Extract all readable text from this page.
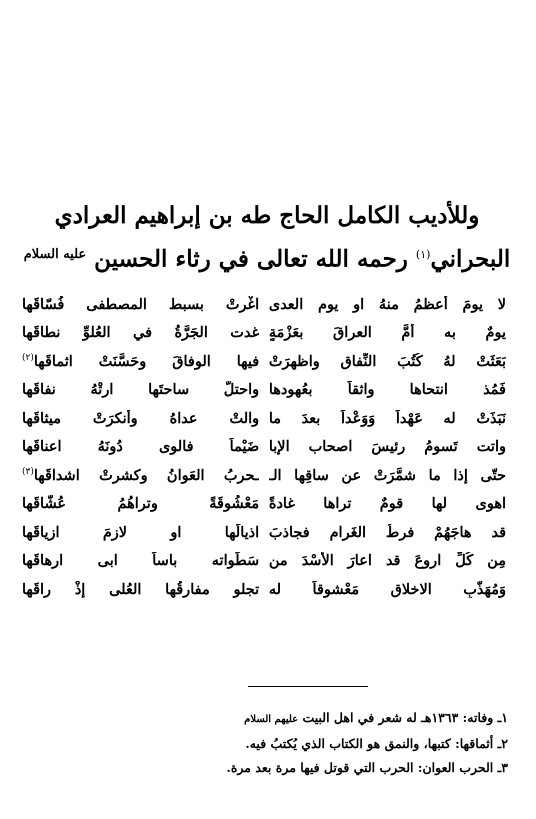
وللأديب الكامل الحاج طه بن إبراهيم العرادي
البحراني$^{(١)}$ رحمه الله تعالى في رثاء الحسين $^{عليه السلام}$
لا يومَ أعظمُ منهُ او يوم العدى
اغْرتْ بسبط المصطفى فُسّاقَها
يومٌ به أُمَّ العراقَ بعَزْمَةٍ
غدت الجَرَّةُ في العُلوِّ نطاقَها
بَعَثَتْ لهُ كُتُبَ النِّفاق واظهرَتْ
فيها الوفاقَ وحَسَّنَتْ اثماقَها$^{(٢)}$
فَمُذ انتحاها واثقاً بعُهودها
واحتلَّ ساحتَها ارتْهُ نفاقَها
نَبَذَتْ له عَهْداً وَوَعْداً بعدَ ما
والتْ عداهُ وأنكرَتْ ميثاقَها
واتت تَسومُ رئيسَ اصحاب الإبا
ضَيْماً فالوى دُونَهُ اعناقَها
حتّى إذا ما شمَّرَتْ عن ساقِها الـ
ـحربُ العَوانُ وكشرتْ اشداقَها$^{(٣)}$
اهوى لها قومٌ تراها غادةً
مَعْشُوقَةً وتراهُمُ عُشّاقَها
قد هاجَهُمْ فرطُ الغَرام فجاذبَ
اذيالَها او لازمَ ازياقَها
مِن كُلِّ اروعَ قد اعارَ الأُسْدَ من
سَطَواته باساً ابى ارهاقَها
وَمُهَذَّبِ الاخلاقِ مَعْشوقاً له
تجلو مفارقُها العُلى إذْ راقَها
١ـ وفاته: ١٣٦٣هـ له شعر في اهل البيت عليهم السلام
٢ـ أثماقها: كتبها، والنمق هو الكتاب الذي يُكتبُ فيه.
٣ـ الحرب العوان: الحرب التي قوتل فيها مرة بعد مرة.
